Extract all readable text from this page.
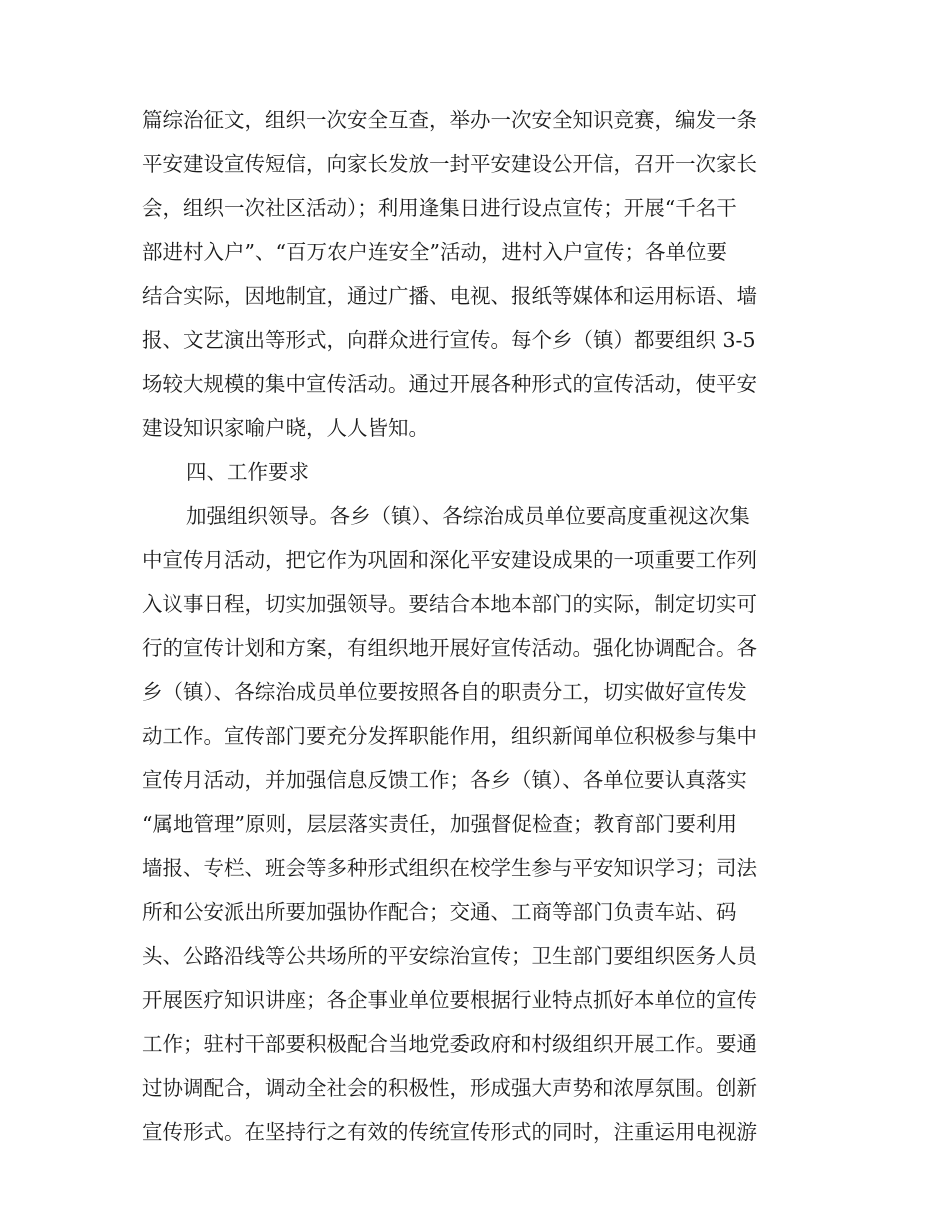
篇综治征文，组织一次安全互查，举办一次安全知识竞赛，编发一条
平安建设宣传短信，向家长发放一封平安建设公开信，召开一次家长
会，组织一次社区活动）；利用逢集日进行设点宣传；开展“千名干
部进村入户”、“百万农户连安全”活动，进村入户宣传；各单位要
结合实际，因地制宜，通过广播、电视、报纸等媒体和运用标语、墙
报、文艺演出等形式，向群众进行宣传。每个乡（镇）都要组织 3-5
场较大规模的集中宣传活动。通过开展各种形式的宣传活动，使平安
建设知识家喻户晓，人人皆知。
四、工作要求
加强组织领导。各乡（镇）、各综治成员单位要高度重视这次集
中宣传月活动，把它作为巩固和深化平安建设成果的一项重要工作列
入议事日程，切实加强领导。要结合本地本部门的实际，制定切实可
行的宣传计划和方案，有组织地开展好宣传活动。强化协调配合。各
乡（镇）、各综治成员单位要按照各自的职责分工，切实做好宣传发
动工作。宣传部门要充分发挥职能作用，组织新闻单位积极参与集中
宣传月活动，并加强信息反馈工作；各乡（镇）、各单位要认真落实
“属地管理”原则，层层落实责任，加强督促检查；教育部门要利用
墙报、专栏、班会等多种形式组织在校学生参与平安知识学习；司法
所和公安派出所要加强协作配合；交通、工商等部门负责车站、码
头、公路沿线等公共场所的平安综治宣传；卫生部门要组织医务人员
开展医疗知识讲座；各企事业单位要根据行业特点抓好本单位的宣传
工作；驻村干部要积极配合当地党委政府和村级组织开展工作。要通
过协调配合，调动全社会的积极性，形成强大声势和浓厚氛围。创新
宣传形式。在坚持行之有效的传统宣传形式的同时，注重运用电视游
